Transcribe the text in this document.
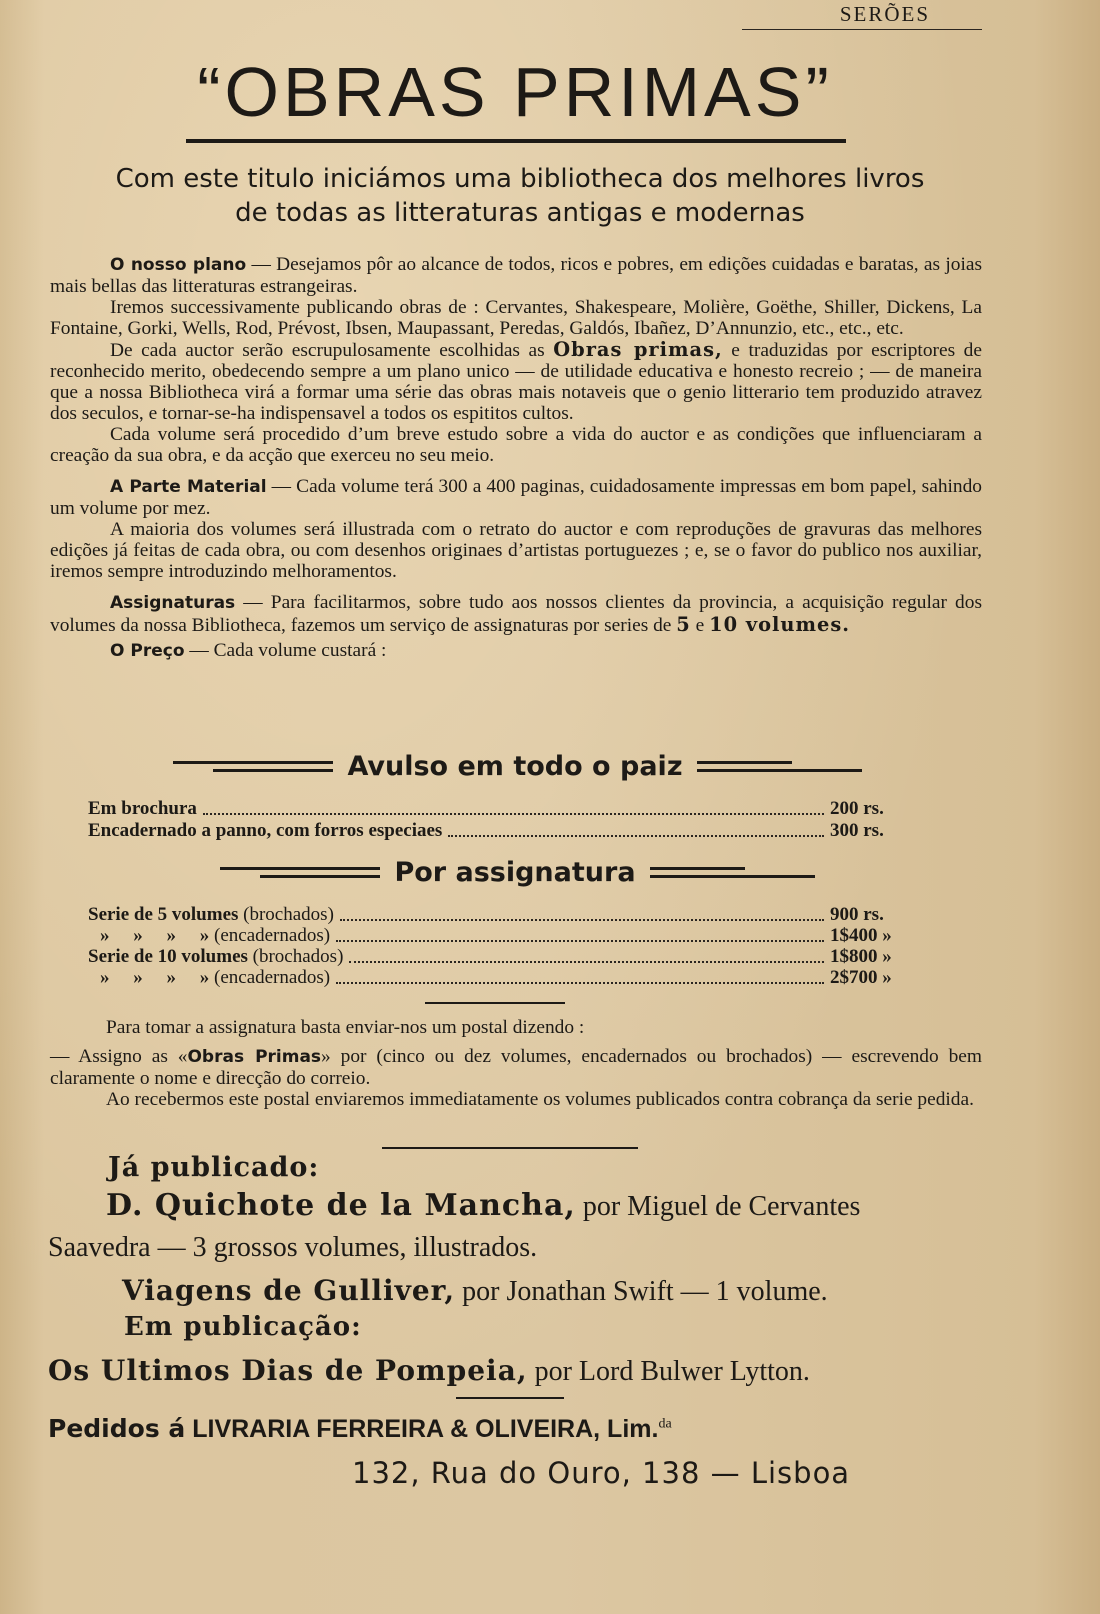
SERÕES
“OBRAS PRIMAS”
Com este titulo iniciámos uma bibliotheca dos melhores livros
de todas as litteraturas antigas e modernas

O nosso plano — Desejamos pôr ao alcance de todos, ricos e pobres, em edições cuidadas e baratas, as joias mais bellas das litteraturas estrangeiras.

Iremos successivamente publicando obras de : Cervantes, Shakespeare, Molière, Goëthe, Shiller, Dickens, La Fontaine, Gorki, Wells, Rod, Prévost, Ibsen, Maupassant, Peredas, Galdós, Ibañez, D’Annunzio, etc., etc., etc.

De cada auctor serão escrupulosamente escolhidas as Obras primas, e traduzidas por escriptores de reconhecido merito, obedecendo sempre a um plano unico — de utilidade educativa e honesto recreio ; — de maneira que a nossa Bibliotheca virá a formar uma série das obras mais notaveis que o genio litterario tem produzido atravez dos seculos, e tornar-se-ha indispensavel a todos os espititos cultos.

Cada volume será procedido d’um breve estudo sobre a vida do auctor e as condições que influenciaram a creação da sua obra, e da acção que exerceu no seu meio.

A Parte Material — Cada volume terá 300 a 400 paginas, cuidadosamente impressas em bom papel, sahindo um volume por mez.

A maioria dos volumes será illustrada com o retrato do auctor e com reproduções de gravuras das melhores edições já feitas de cada obra, ou com desenhos originaes d’artistas portuguezes ; e, se o favor do publico nos auxiliar, iremos sempre introduzindo melhoramentos.

Assignaturas — Para facilitarmos, sobre tudo aos nossos clientes da provincia, a acquisição regular dos volumes da nossa Bibliotheca, fazemos um serviço de assignaturas por series de 5 e 10 volumes.

O Preço — Cada volume custará :

Avulso em todo o paiz
Em brochura	200 rs.
Encadernado a panno, com forros especiaes	300 rs.
Por assignatura
Serie de 5 volumes (brochados)	900 rs.
»     »     »     » (encadernados)	1$400 »
Serie de 10 volumes (brochados)	1$800 »
»     »     »     » (encadernados)	2$700 »

Para tomar a assignatura basta enviar-nos um postal dizendo :

— Assigno as «Obras Primas» por (cinco ou dez volumes, encadernados ou brochados) — escrevendo bem claramente o nome e direcção do correio.

Ao recebermos este postal enviaremos immediatamente os volumes publicados contra cobrança da serie pedida.

Já publicado:
D. Quichote de la Mancha, por Miguel de Cervantes
Saavedra — 3 grossos volumes, illustrados.
Viagens de Gulliver, por Jonathan Swift — 1 volume.
Em publicação:
Os Ultimos Dias de Pompeia, por Lord Bulwer Lytton.
Pedidos á LIVRARIA FERREIRA & OLIVEIRA, Lim.$^{da}$
132, Rua do Ouro, 138 — Lisboa
